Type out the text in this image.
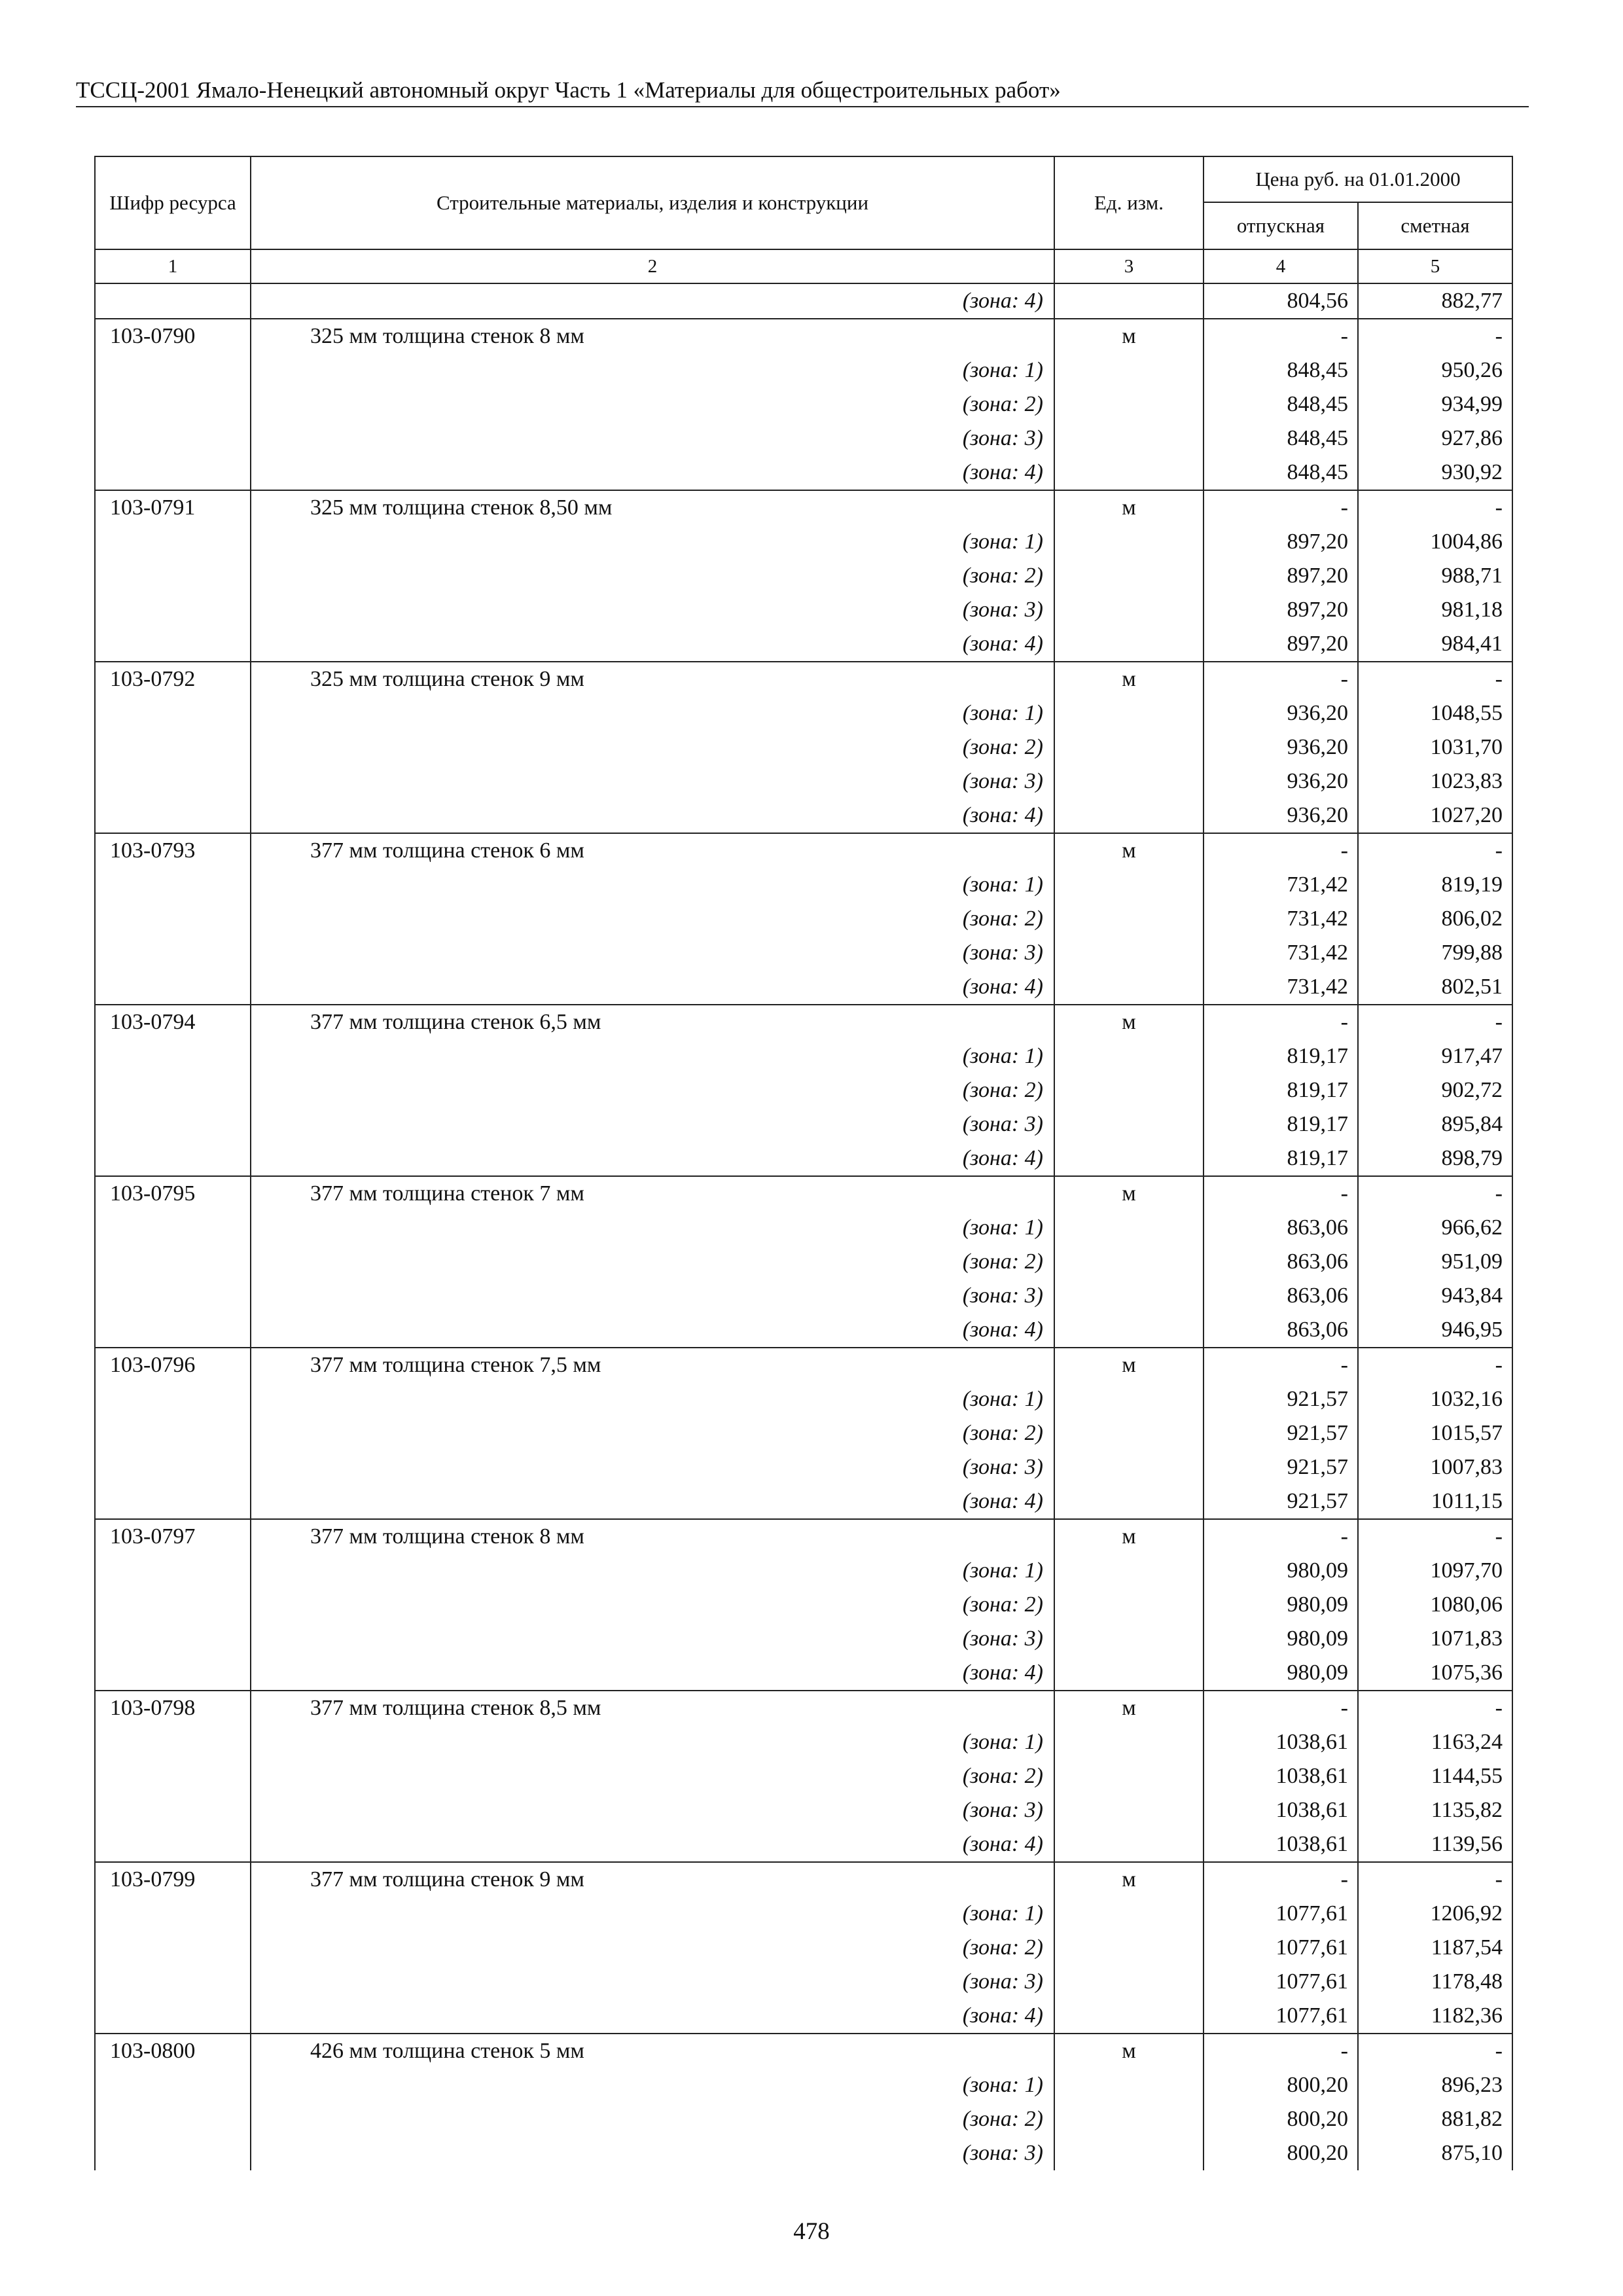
ТССЦ-2001 Ямало-Ненецкий автономный округ Часть 1 «Материалы для общестроительных работ»
Шифр ресурса	Строительные материалы, изделия и конструкции	Ед. изм.	Цена руб. на 01.01.2000	
			отпускная	сметная
1	2	3	4	5
	(зона: 4)		804,56	882,77
103-0790	325 мм толщина стенок 8 мм	м	-	-
	(зона: 1)		848,45	950,26
	(зона: 2)		848,45	934,99
	(зона: 3)		848,45	927,86
	(зона: 4)		848,45	930,92
103-0791	325 мм толщина стенок 8,50 мм	м	-	-
	(зона: 1)		897,20	1004,86
	(зона: 2)		897,20	988,71
	(зона: 3)		897,20	981,18
	(зона: 4)		897,20	984,41
103-0792	325 мм толщина стенок 9 мм	м	-	-
	(зона: 1)		936,20	1048,55
	(зона: 2)		936,20	1031,70
	(зона: 3)		936,20	1023,83
	(зона: 4)		936,20	1027,20
103-0793	377 мм толщина стенок 6 мм	м	-	-
	(зона: 1)		731,42	819,19
	(зона: 2)		731,42	806,02
	(зона: 3)		731,42	799,88
	(зона: 4)		731,42	802,51
103-0794	377 мм толщина стенок 6,5 мм	м	-	-
	(зона: 1)		819,17	917,47
	(зона: 2)		819,17	902,72
	(зона: 3)		819,17	895,84
	(зона: 4)		819,17	898,79
103-0795	377 мм толщина стенок 7 мм	м	-	-
	(зона: 1)		863,06	966,62
	(зона: 2)		863,06	951,09
	(зона: 3)		863,06	943,84
	(зона: 4)		863,06	946,95
103-0796	377 мм толщина стенок 7,5 мм	м	-	-
	(зона: 1)		921,57	1032,16
	(зона: 2)		921,57	1015,57
	(зона: 3)		921,57	1007,83
	(зона: 4)		921,57	1011,15
103-0797	377 мм толщина стенок 8 мм	м	-	-
	(зона: 1)		980,09	1097,70
	(зона: 2)		980,09	1080,06
	(зона: 3)		980,09	1071,83
	(зона: 4)		980,09	1075,36
103-0798	377 мм толщина стенок 8,5 мм	м	-	-
	(зона: 1)		1038,61	1163,24
	(зона: 2)		1038,61	1144,55
	(зона: 3)		1038,61	1135,82
	(зона: 4)		1038,61	1139,56
103-0799	377 мм толщина стенок 9 мм	м	-	-
	(зона: 1)		1077,61	1206,92
	(зона: 2)		1077,61	1187,54
	(зона: 3)		1077,61	1178,48
	(зона: 4)		1077,61	1182,36
103-0800	426 мм толщина стенок 5 мм	м	-	-
	(зона: 1)		800,20	896,23
	(зона: 2)		800,20	881,82
	(зона: 3)		800,20	875,10
478
